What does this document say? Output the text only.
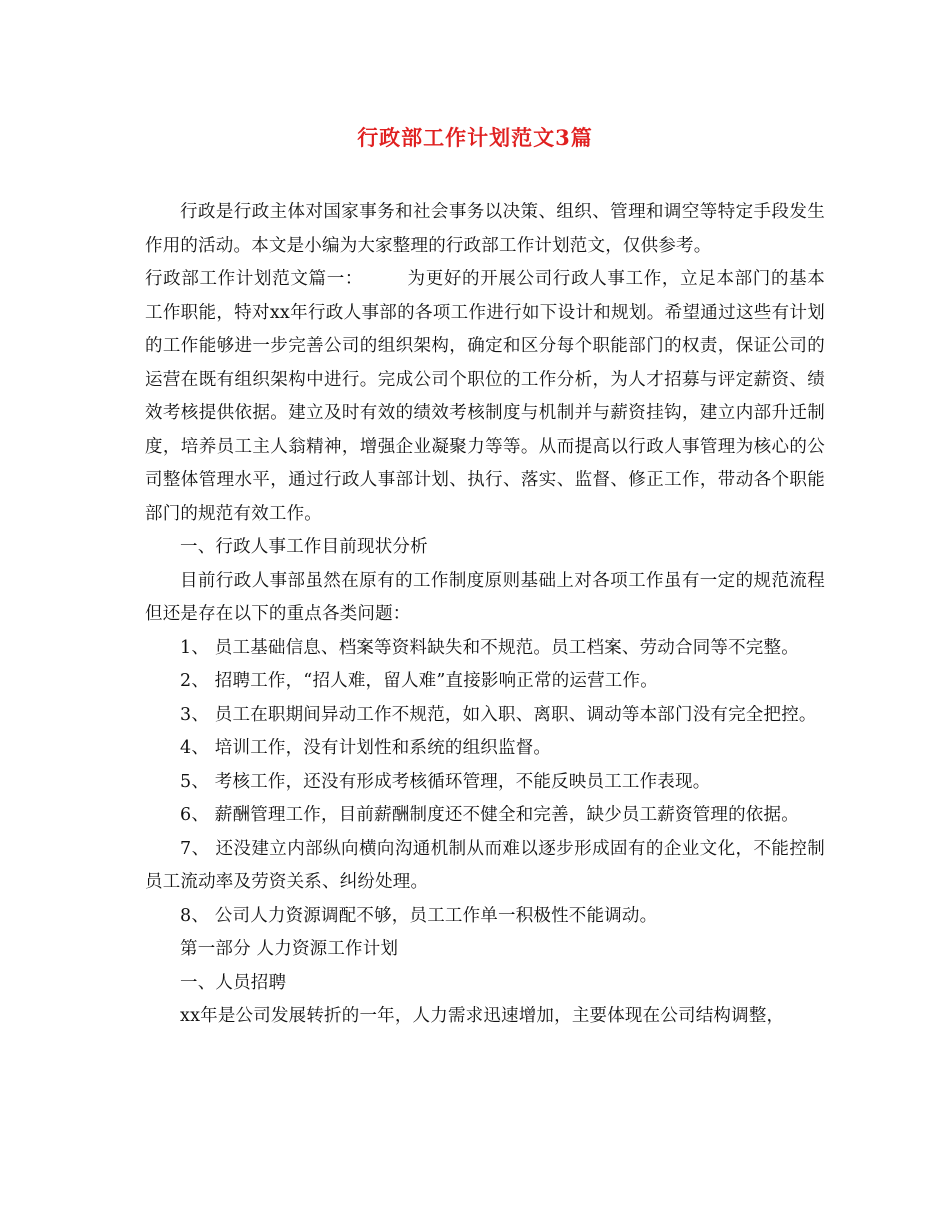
行政部工作计划范文3篇

行政是行政主体对国家事务和社会事务以决策、组织、管理和调空等特定手段发生作用的活动。本文是小编为大家整理的行政部工作计划范文，仅供参考。

行政部工作计划范文篇一：	为更好的开展公司行政人事工作，立足本部门的基本工作职能，特对xx年行政人事部的各项工作进行如下设计和规划。希望通过这些有计划的工作能够进一步完善公司的组织架构，确定和区分每个职能部门的权责，保证公司的运营在既有组织架构中进行。完成公司个职位的工作分析，为人才招募与评定薪资、绩效考核提供依据。建立及时有效的绩效考核制度与机制并与薪资挂钩，建立内部升迁制度，培养员工主人翁精神，增强企业凝聚力等等。从而提高以行政人事管理为核心的公司整体管理水平，通过行政人事部计划、执行、落实、监督、修正工作，带动各个职能部门的规范有效工作。

一、行政人事工作目前现状分析

目前行政人事部虽然在原有的工作制度原则基础上对各项工作虽有一定的规范流程但还是存在以下的重点各类问题：

1、 员工基础信息、档案等资料缺失和不规范。员工档案、劳动合同等不完整。

2、 招聘工作，“招人难，留人难”直接影响正常的运营工作。

3、 员工在职期间异动工作不规范，如入职、离职、调动等本部门没有完全把控。

4、 培训工作，没有计划性和系统的组织监督。

5、 考核工作，还没有形成考核循环管理，不能反映员工工作表现。

6、 薪酬管理工作，目前薪酬制度还不健全和完善，缺少员工薪资管理的依据。

7、 还没建立内部纵向横向沟通机制从而难以逐步形成固有的企业文化，不能控制员工流动率及劳资关系、纠纷处理。

8、 公司人力资源调配不够，员工工作单一积极性不能调动。

第一部分 人力资源工作计划

一、人员招聘

xx年是公司发展转折的一年，人力需求迅速增加，主要体现在公司结构调整，
